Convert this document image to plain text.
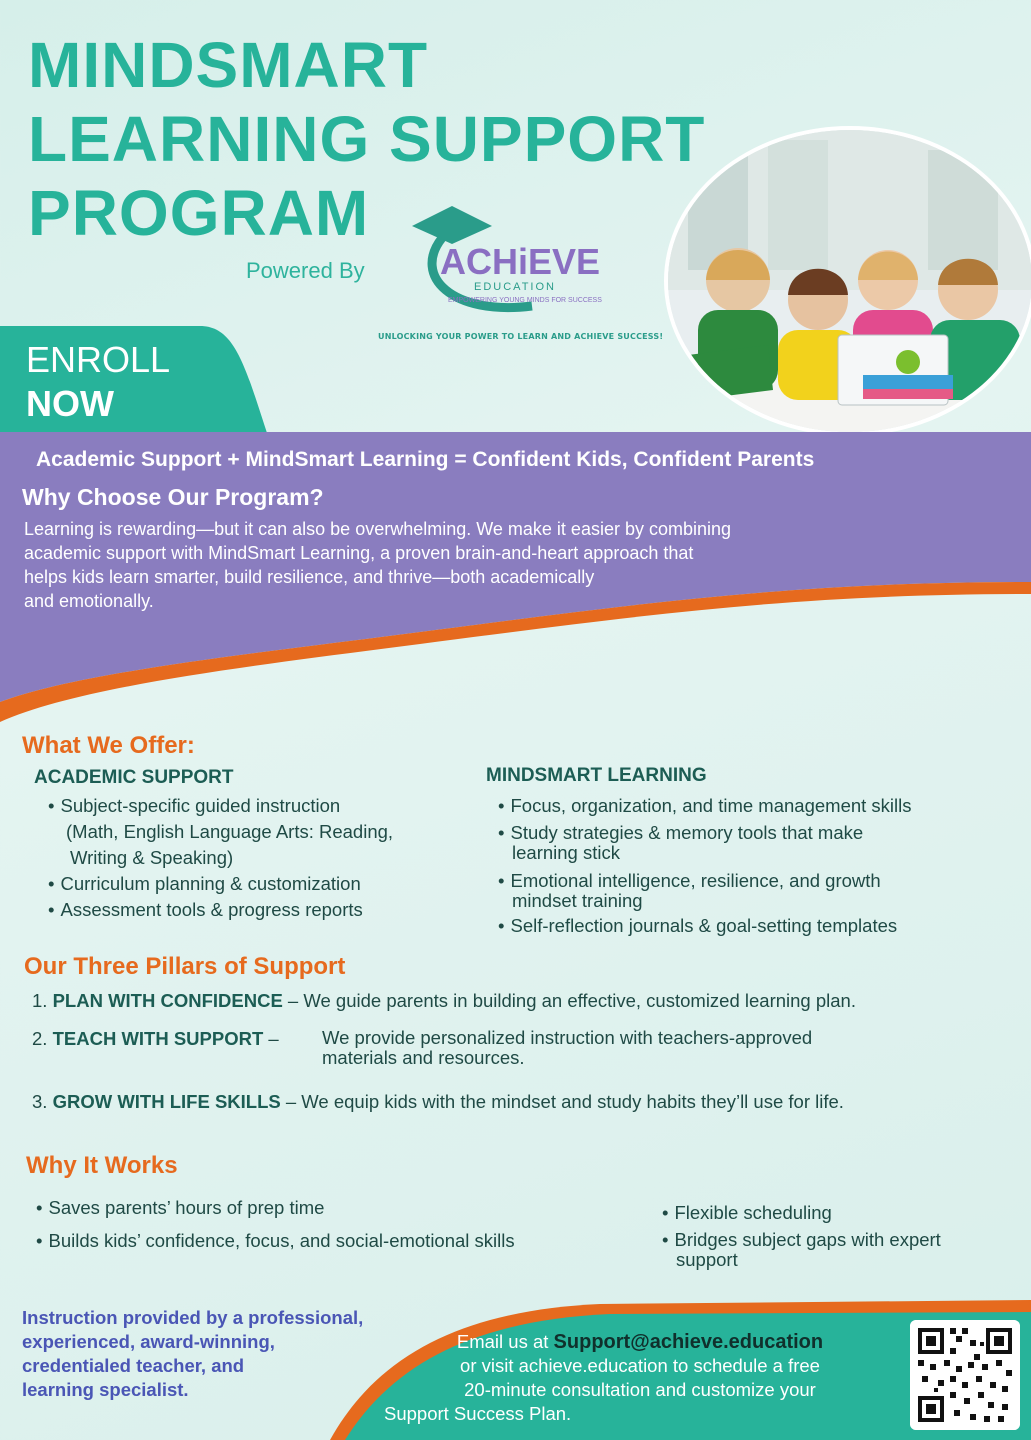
MINDSMART
LEARNING SUPPORT
PROGRAM
Powered By ACHiEVE
EDUCATION
EMPOWERING YOUNG MINDS FOR SUCCESS
UNLOCKING YOUR POWER TO LEARN AND ACHIEVE SUCCESS!
ENROLL
NOW
Academic Support + MindSmart Learning = Confident Kids, Confident Parents
Why Choose Our Program?
Learning is rewarding—but it can also be overwhelming. We make it easier by combining
academic support with MindSmart Learning, a proven brain-and-heart approach that
helps kids learn smarter, build resilience, and thrive—both academically
and emotionally.
What We Offer:
ACADEMIC SUPPORT
• Subject-specific guided instruction
(Math, English Language Arts: Reading,
Writing & Speaking)
• Curriculum planning & customization
• Assessment tools & progress reports
MINDSMART LEARNING
• Focus, organization, and time management skills
• Study strategies & memory tools that make
learning stick
• Emotional intelligence, resilience, and growth
mindset training
• Self-reflection journals & goal-setting templates
Our Three Pillars of Support
1. PLAN WITH CONFIDENCE – We guide parents in building an effective, customized learning plan.
2. TEACH WITH SUPPORT – We provide personalized instruction with teachers-approved
materials and resources.
3. GROW WITH LIFE SKILLS – We equip kids with the mindset and study habits they’ll use for life.
Why It Works
• Saves parents’ hours of prep time
• Builds kids’ confidence, focus, and social-emotional skills
• Flexible scheduling
• Bridges subject gaps with expert
support
Instruction provided by a professional,
experienced, award-winning,
credentialed teacher, and
learning specialist.
Email us at Support@achieve.education
or visit achieve.education to schedule a free
20-minute consultation and customize your
Support Success Plan.
